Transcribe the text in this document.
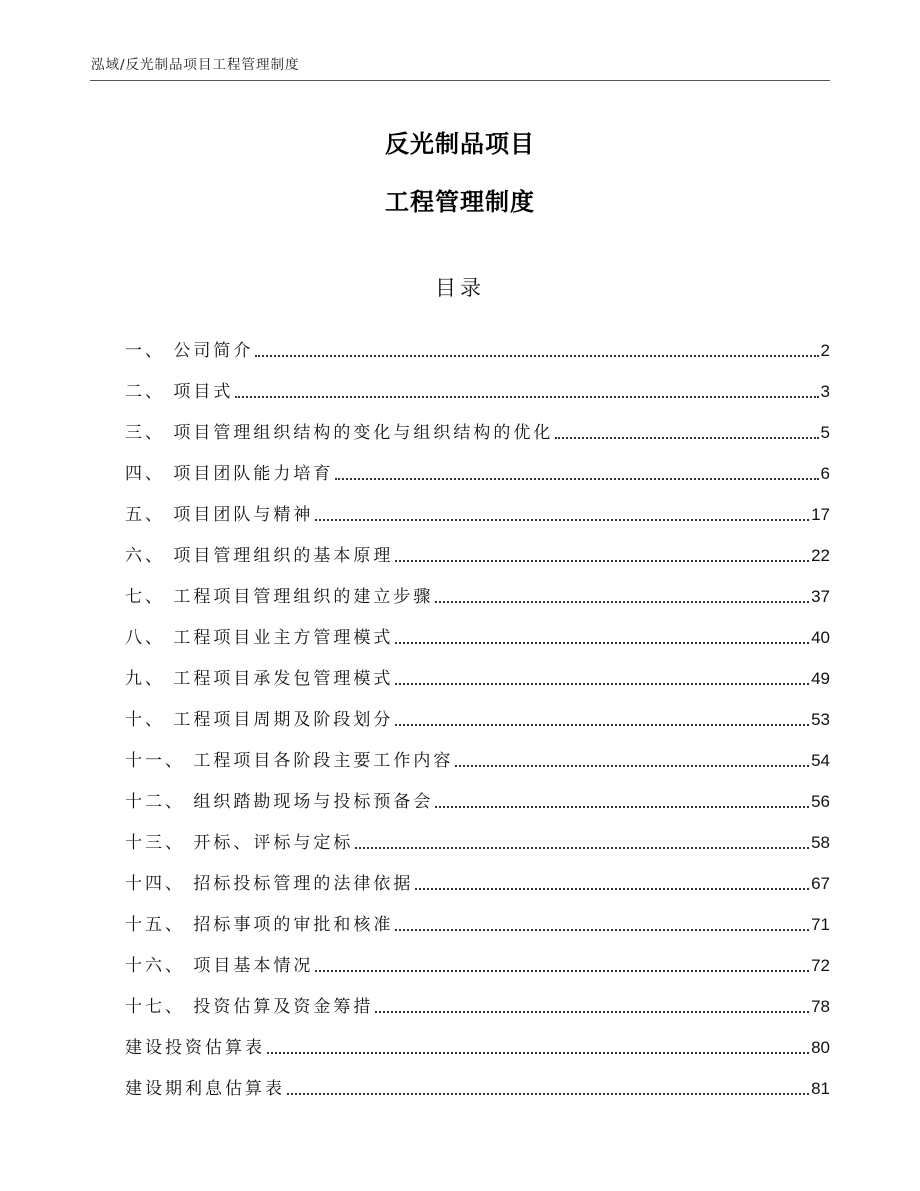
泓域/反光制品项目工程管理制度
反光制品项目
工程管理制度
目录
一、 公司简介	2
二、 项目式	3
三、 项目管理组织结构的变化与组织结构的优化	5
四、 项目团队能力培育	6
五、 项目团队与精神	17
六、 项目管理组织的基本原理	22
七、 工程项目管理组织的建立步骤	37
八、 工程项目业主方管理模式	40
九、 工程项目承发包管理模式	49
十、 工程项目周期及阶段划分	53
十一、 工程项目各阶段主要工作内容	54
十二、 组织踏勘现场与投标预备会	56
十三、 开标、评标与定标	58
十四、 招标投标管理的法律依据	67
十五、 招标事项的审批和核准	71
十六、 项目基本情况	72
十七、 投资估算及资金筹措	78
建设投资估算表	80
建设期利息估算表	81
